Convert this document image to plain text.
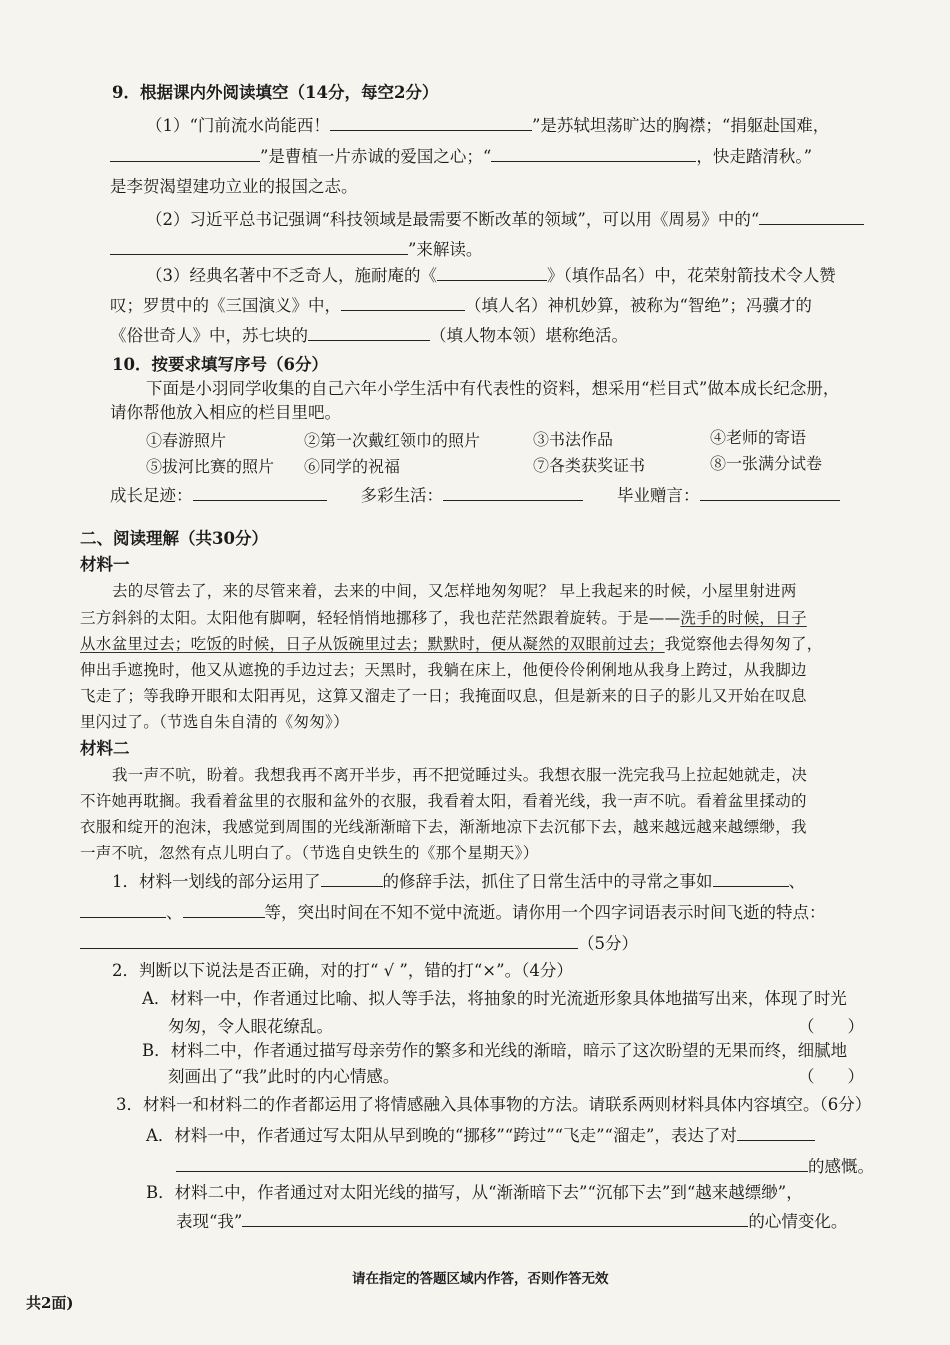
9．根据课内外阅读填空（14分，每空2分）
（1）“门前流水尚能西！	”是苏轼坦荡旷达的胸襟；“捐躯赴国难，
”是曹植一片赤诚的爱国之心；“	，快走踏清秋。”
是李贺渴望建功立业的报国之志。
（2）习近平总书记强调“科技领域是最需要不断改革的领域”，可以用《周易》中的“
”来解读。
（3）经典名著中不乏奇人，施耐庵的《	》（填作品名）中，花荣射箭技术令人赞
叹；罗贯中的《三国演义》中，	（填人名）神机妙算，被称为“智绝”；冯骥才的
《俗世奇人》中，苏七块的	（填人物本领）堪称绝活。
10．按要求填写序号（6分）
下面是小羽同学收集的自己六年小学生活中有代表性的资料，想采用“栏目式”做本成长纪念册，
请你帮他放入相应的栏目里吧。
①春游照片	②第一次戴红领巾的照片	③书法作品	④老师的寄语
⑤拔河比赛的照片 ⑥同学的祝福	⑦各类获奖证书	⑧一张满分试卷
成长足迹：	多彩生活：	毕业赠言：
二、阅读理解（共30分）
材料一
去的尽管去了，来的尽管来着，去来的中间，又怎样地匆匆呢？ 早上我起来的时候，小屋里射进两
三方斜斜的太阳。太阳他有脚啊，轻轻悄悄地挪移了，我也茫茫然跟着旋转。于是——洗手的时候，日子
从水盆里过去；吃饭的时候，日子从饭碗里过去；默默时，便从凝然的双眼前过去；我觉察他去得匆匆了，
伸出手遮挽时，他又从遮挽的手边过去；天黑时，我躺在床上，他便伶伶俐俐地从我身上跨过，从我脚边
飞走了；等我睁开眼和太阳再见，这算又溜走了一日；我掩面叹息，但是新来的日子的影儿又开始在叹息
里闪过了。（节选自朱自清的《匆匆》）
材料二
我一声不吭，盼着。我想我再不离开半步，再不把觉睡过头。我想衣服一洗完我马上拉起她就走，决
不许她再耽搁。我看着盆里的衣服和盆外的衣服，我看着太阳，看着光线，我一声不吭。看着盆里揉动的
衣服和绽开的泡沫，我感觉到周围的光线渐渐暗下去，渐渐地凉下去沉郁下去，越来越远越来越缥缈，我
一声不吭，忽然有点儿明白了。（节选自史铁生的《那个星期天》）
1．材料一划线的部分运用了	的修辞手法，抓住了日常生活中的寻常之事如	、
、	等，突出时间在不知不觉中流逝。请你用一个四字词语表示时间飞逝的特点：
（5分）
2．判断以下说法是否正确，对的打“ √ ”，错的打“×”。（4分）
A．材料一中，作者通过比喻、拟人等手法，将抽象的时光流逝形象具体地描写出来，体现了时光
匆匆，令人眼花缭乱。	（　　）
B．材料二中，作者通过描写母亲劳作的繁多和光线的渐暗，暗示了这次盼望的无果而终，细腻地
刻画出了“我”此时的内心情感。	（　　）
3．材料一和材料二的作者都运用了将情感融入具体事物的方法。请联系两则材料具体内容填空。（6分）
A．材料一中，作者通过写太阳从早到晚的“挪移”“跨过”“飞走”“溜走”，表达了对
的感慨。
B．材料二中，作者通过对太阳光线的描写，从“渐渐暗下去”“沉郁下去”到“越来越缥缈”，
表现“我”	的心情变化。
请在指定的答题区域内作答，否则作答无效
共2面)
